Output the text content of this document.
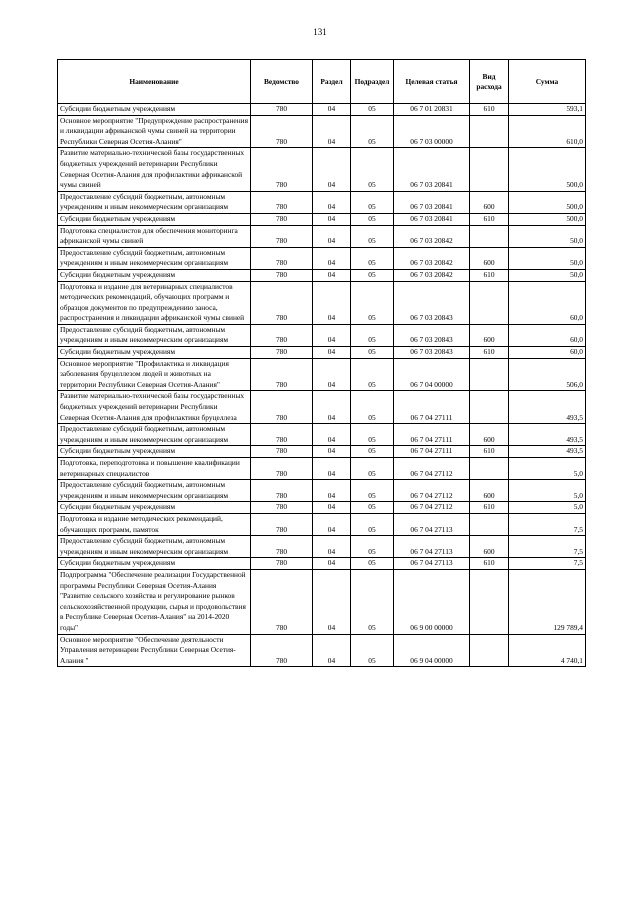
131
Наименование	Ведомство	Раздел	Подраздел	Целевая статья	Вид расхода	Сумма
Субсидии бюджетным учреждениям	780	04	05	06 7 01 20831	610	593,1
Основное мероприятие "Предупреждение распространения и ликвидации африканской чумы свиней на территории Республики Северная Осетия-Алания"	780	04	05	06 7 03 00000		610,0
Развитие материально-технической базы государственных бюджетных учреждений ветеринарии Республики Северная Осетия-Алания для профилактики африканской чумы свиней	780	04	05	06 7 03 20841		500,0
Предоставление субсидий бюджетным, автономным учреждениям и иным некоммерческим организациям	780	04	05	06 7 03 20841	600	500,0
Субсидии бюджетным учреждениям	780	04	05	06 7 03 20841	610	500,0
Подготовка специалистов для обеспечения мониторинга африканской чумы свиней	780	04	05	06 7 03 20842		50,0
Предоставление субсидий бюджетным, автономным учреждениям и иным некоммерческим организациям	780	04	05	06 7 03 20842	600	50,0
Субсидии бюджетным учреждениям	780	04	05	06 7 03 20842	610	50,0
Подготовка и издание для ветеринарных специалистов методических рекомендаций, обучающих программ и образцов документов по предупреждению заноса, распространения и ликвидации африканской чумы свиней	780	04	05	06 7 03 20843		60,0
Предоставление субсидий бюджетным, автономным учреждениям и иным некоммерческим организациям	780	04	05	06 7 03 20843	600	60,0
Субсидии бюджетным учреждениям	780	04	05	06 7 03 20843	610	60,0
Основное мероприятие "Профилактика и ликвидация заболевания бруцеллезом людей и животных на территории Республики Северная Осетия-Алания"	780	04	05	06 7 04 00000		506,0
Развитие материально-технической базы государственных бюджетных учреждений ветеринарии Республики Северная Осетия-Алания для профилактики бруцеллеза	780	04	05	06 7 04 27111		493,5
Предоставление субсидий бюджетным, автономным учреждениям и иным некоммерческим организациям	780	04	05	06 7 04 27111	600	493,5
Субсидии бюджетным учреждениям	780	04	05	06 7 04 27111	610	493,5
Подготовка, переподготовка и повышение квалификации ветеринарных специалистов	780	04	05	06 7 04 27112		5,0
Предоставление субсидий бюджетным, автономным учреждениям и иным некоммерческим организациям	780	04	05	06 7 04 27112	600	5,0
Субсидии бюджетным учреждениям	780	04	05	06 7 04 27112	610	5,0
Подготовка и издание методических рекомендаций, обучающих программ, памяток	780	04	05	06 7 04 27113		7,5
Предоставление субсидий бюджетным, автономным учреждениям и иным некоммерческим организациям	780	04	05	06 7 04 27113	600	7,5
Субсидии бюджетным учреждениям	780	04	05	06 7 04 27113	610	7,5
Подпрограмма "Обеспечение реализации Государственной программы Республики Северная Осетия-Алания "Развитие сельского хозяйства и регулирование рынков сельскохозяйственной продукции, сырья и продовольствия в Республике Северная Осетия-Алания" на 2014-2020 годы"	780	04	05	06 9 00 00000		129 789,4
Основное мероприятие "Обеспечение деятельности Управления ветеринарии Республики Северная Осетия-Алания "	780	04	05	06 9 04 00000		4 740,1
